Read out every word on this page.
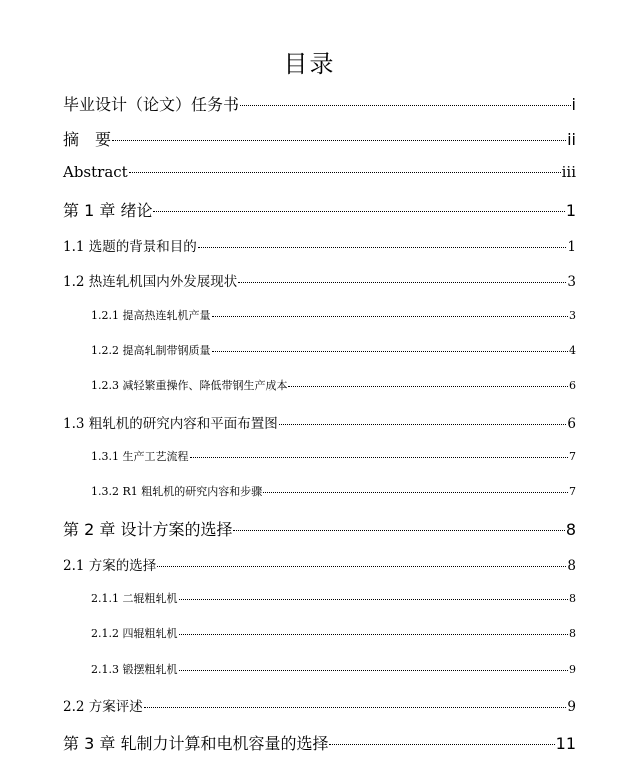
目录
毕业设计（论文）任务书	i
摘　要	ii
Abstract	iii
第 1 章 绪论	1
1.1 选题的背景和目的	1
1.2 热连轧机国内外发展现状	3
1.2.1 提高热连轧机产量	3
1.2.2 提高轧制带钢质量	4
1.2.3 减轻繁重操作、降低带钢生产成本	6
1.3 粗轧机的研究内容和平面布置图	6
1.3.1 生产工艺流程	7
1.3.2 R1 粗轧机的研究内容和步骤	7
第 2 章 设计方案的选择	8
2.1 方案的选择	8
2.1.1 二辊粗轧机	8
2.1.2 四辊粗轧机	8
2.1.3 锻摆粗轧机	9
2.2 方案评述	9
第 3 章 轧制力计算和电机容量的选择	11
